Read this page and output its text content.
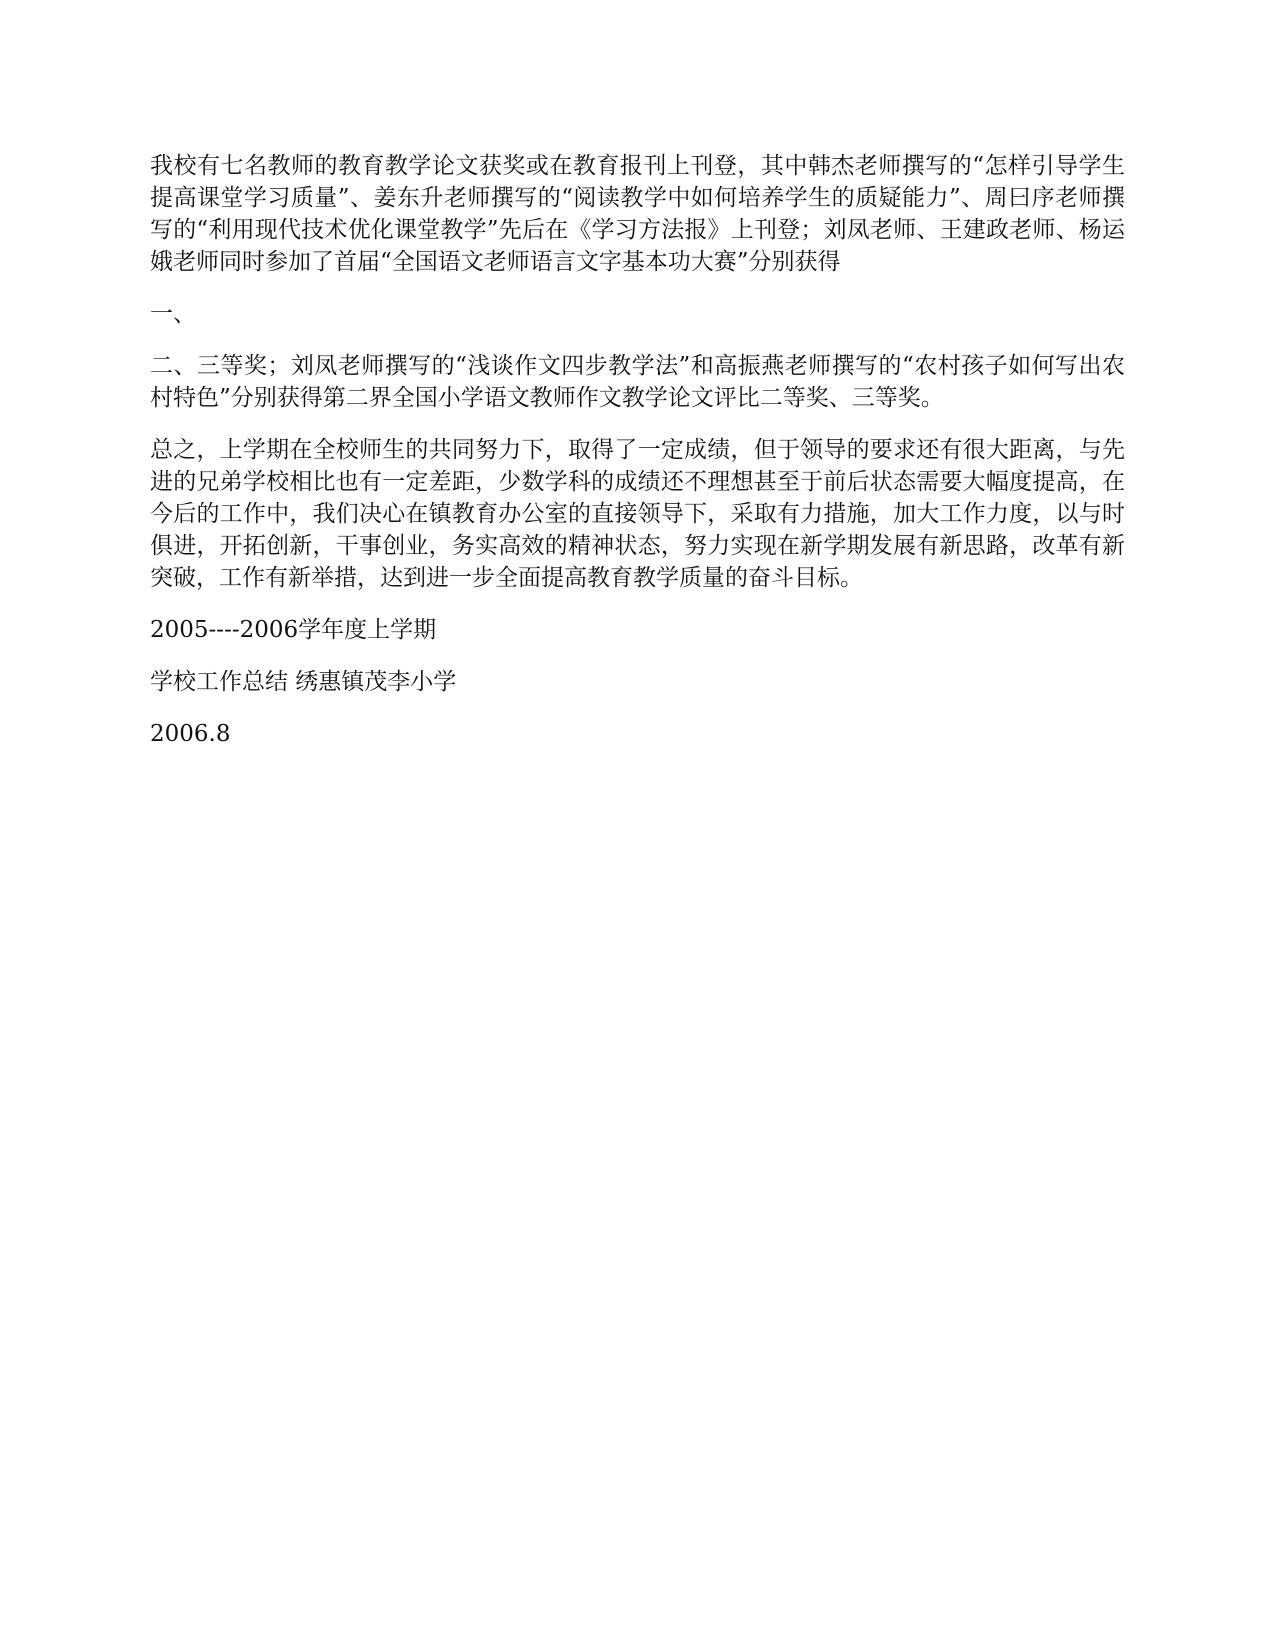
我校有七名教师的教育教学论文获奖或在教育报刊上刊登，其中韩杰老师撰写的“怎样引导学生提高课堂学习质量”、姜东升老师撰写的“阅读教学中如何培养学生的质疑能力”、周曰序老师撰写的“利用现代技术优化课堂教学”先后在《学习方法报》上刊登；刘凤老师、王建政老师、杨运娥老师同时参加了首届“全国语文老师语言文字基本功大赛”分别获得

一、

二、三等奖；刘凤老师撰写的“浅谈作文四步教学法”和高振燕老师撰写的“农村孩子如何写出农村特色”分别获得第二界全国小学语文教师作文教学论文评比二等奖、三等奖。

总之，上学期在全校师生的共同努力下，取得了一定成绩，但于领导的要求还有很大距离，与先进的兄弟学校相比也有一定差距，少数学科的成绩还不理想甚至于前后状态需要大幅度提高，在今后的工作中，我们决心在镇教育办公室的直接领导下，采取有力措施，加大工作力度，以与时俱进，开拓创新，干事创业，务实高效的精神状态，努力实现在新学期发展有新思路，改革有新突破，工作有新举措，达到进一步全面提高教育教学质量的奋斗目标。

2005----2006学年度上学期

学校工作总结 绣惠镇茂李小学

2006.8
